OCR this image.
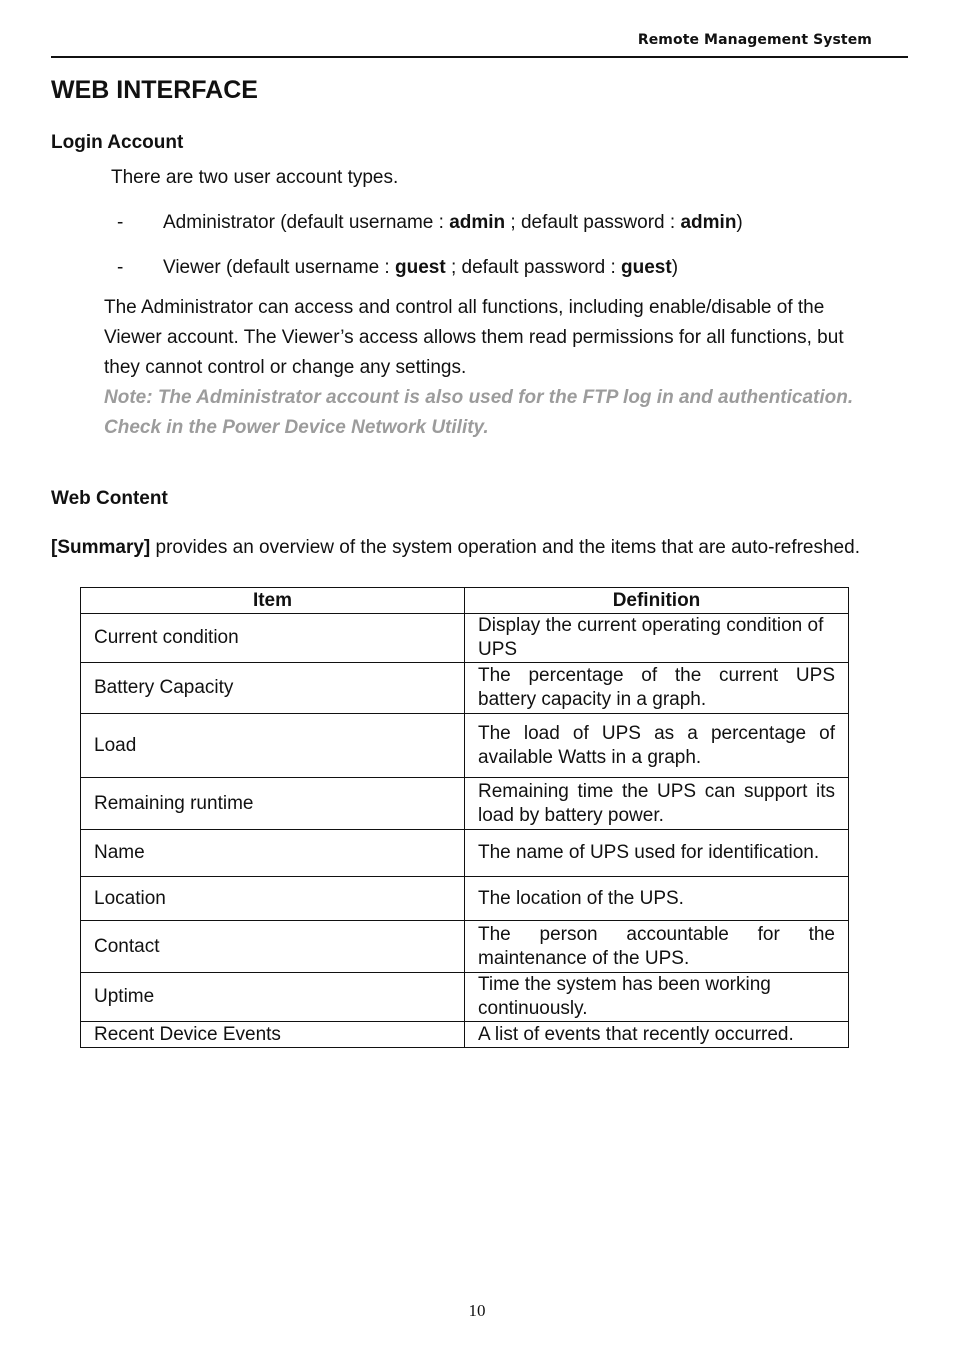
Remote Management System
WEB INTERFACE
Login Account
There are two user account types.
- Administrator (default username : admin ; default password : admin)
- Viewer (default username : guest ; default password : guest)
The Administrator can access and control all functions, including enable/disable of the
Viewer account. The Viewer’s access allows them read permissions for all functions, but
they cannot control or change any settings.
Note: The Administrator account is also used for the FTP log in and authentication.
Check in the Power Device Network Utility.
Web Content
[Summary] provides an overview of the system operation and the items that are auto-refreshed.
Item	Definition
Current condition	Display the current operating condition of UPS
Battery Capacity	The percentage of the current UPS battery capacity in a graph.
Load	The load of UPS as a percentage of available Watts in a graph.
Remaining runtime	Remaining time the UPS can support its load by battery power.
Name	The name of UPS used for identification.
Location	The location of the UPS.
Contact	The person accountable for the maintenance of the UPS.
Uptime	Time the system has been working continuously.
Recent Device Events	A list of events that recently occurred.
10
